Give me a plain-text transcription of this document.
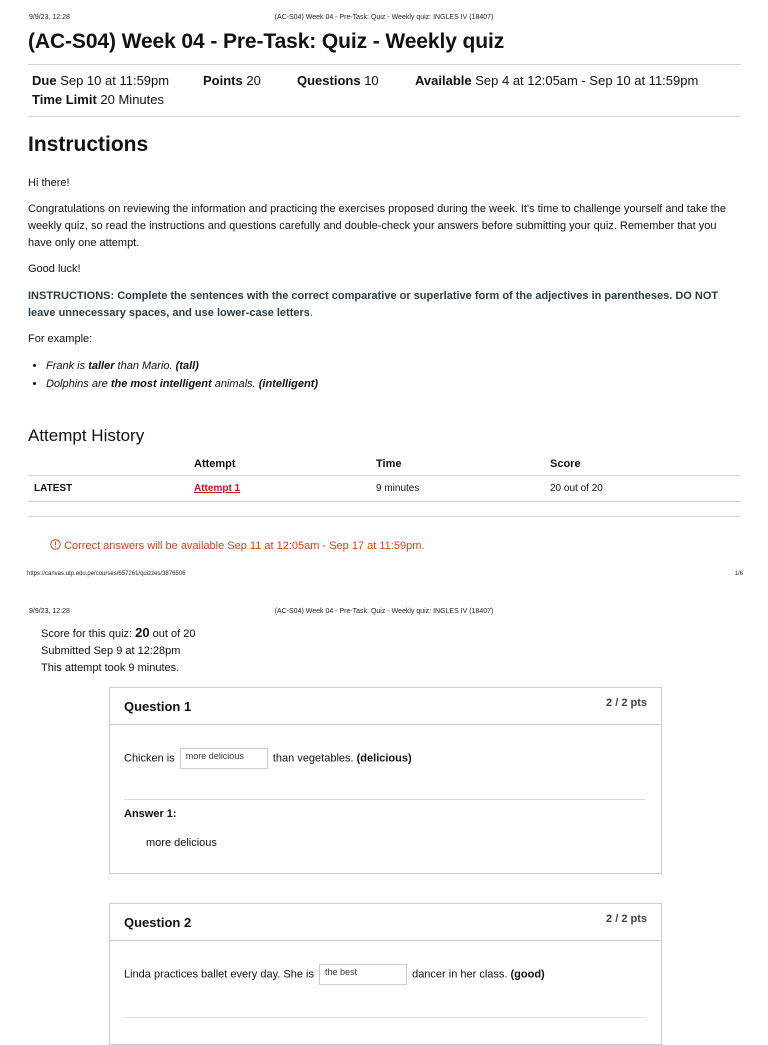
9/9/23, 12:28	(AC-S04) Week 04 - Pre-Task: Quiz - Weekly quiz: INGLES IV (18407)
(AC-S04) Week 04 - Pre-Task: Quiz - Weekly quiz
Due Sep 10 at 11:59pm	Points 20	Questions 10	Available Sep 4 at 12:05am - Sep 10 at 11:59pm
Time Limit 20 Minutes
Instructions
Hi there!
Congratulations on reviewing the information and practicing the exercises proposed during the week. It's time to challenge yourself and take the weekly quiz, so read the instructions and questions carefully and double-check your answers before submitting your quiz. Remember that you have only one attempt.
Good luck!
INSTRUCTIONS: Complete the sentences with the correct comparative or superlative form of the adjectives in parentheses. DO NOT leave unnecessary spaces, and use lower-case letters.
For example:
• Frank is taller than Mario. (tall)
• Dolphins are the most intelligent animals. (intelligent)
Attempt History
	Attempt	Time	Score
LATEST	Attempt 1	9 minutes	20 out of 20
Correct answers will be available Sep 11 at 12:05am - Sep 17 at 11:59pm.
https://canvas.utp.edu.pe/courses/657261/quizzes/3876506	1/6
9/9/23, 12:28	(AC-S04) Week 04 - Pre-Task: Quiz - Weekly quiz: INGLES IV (18407)
Score for this quiz: 20 out of 20
Submitted Sep 9 at 12:28pm
This attempt took 9 minutes.
Question 1	2 / 2 pts
Chicken is more delicious than vegetables. (delicious)
Answer 1:
more delicious
Question 2	2 / 2 pts
Linda practices ballet every day. She is the best	dancer in her class. (good)
